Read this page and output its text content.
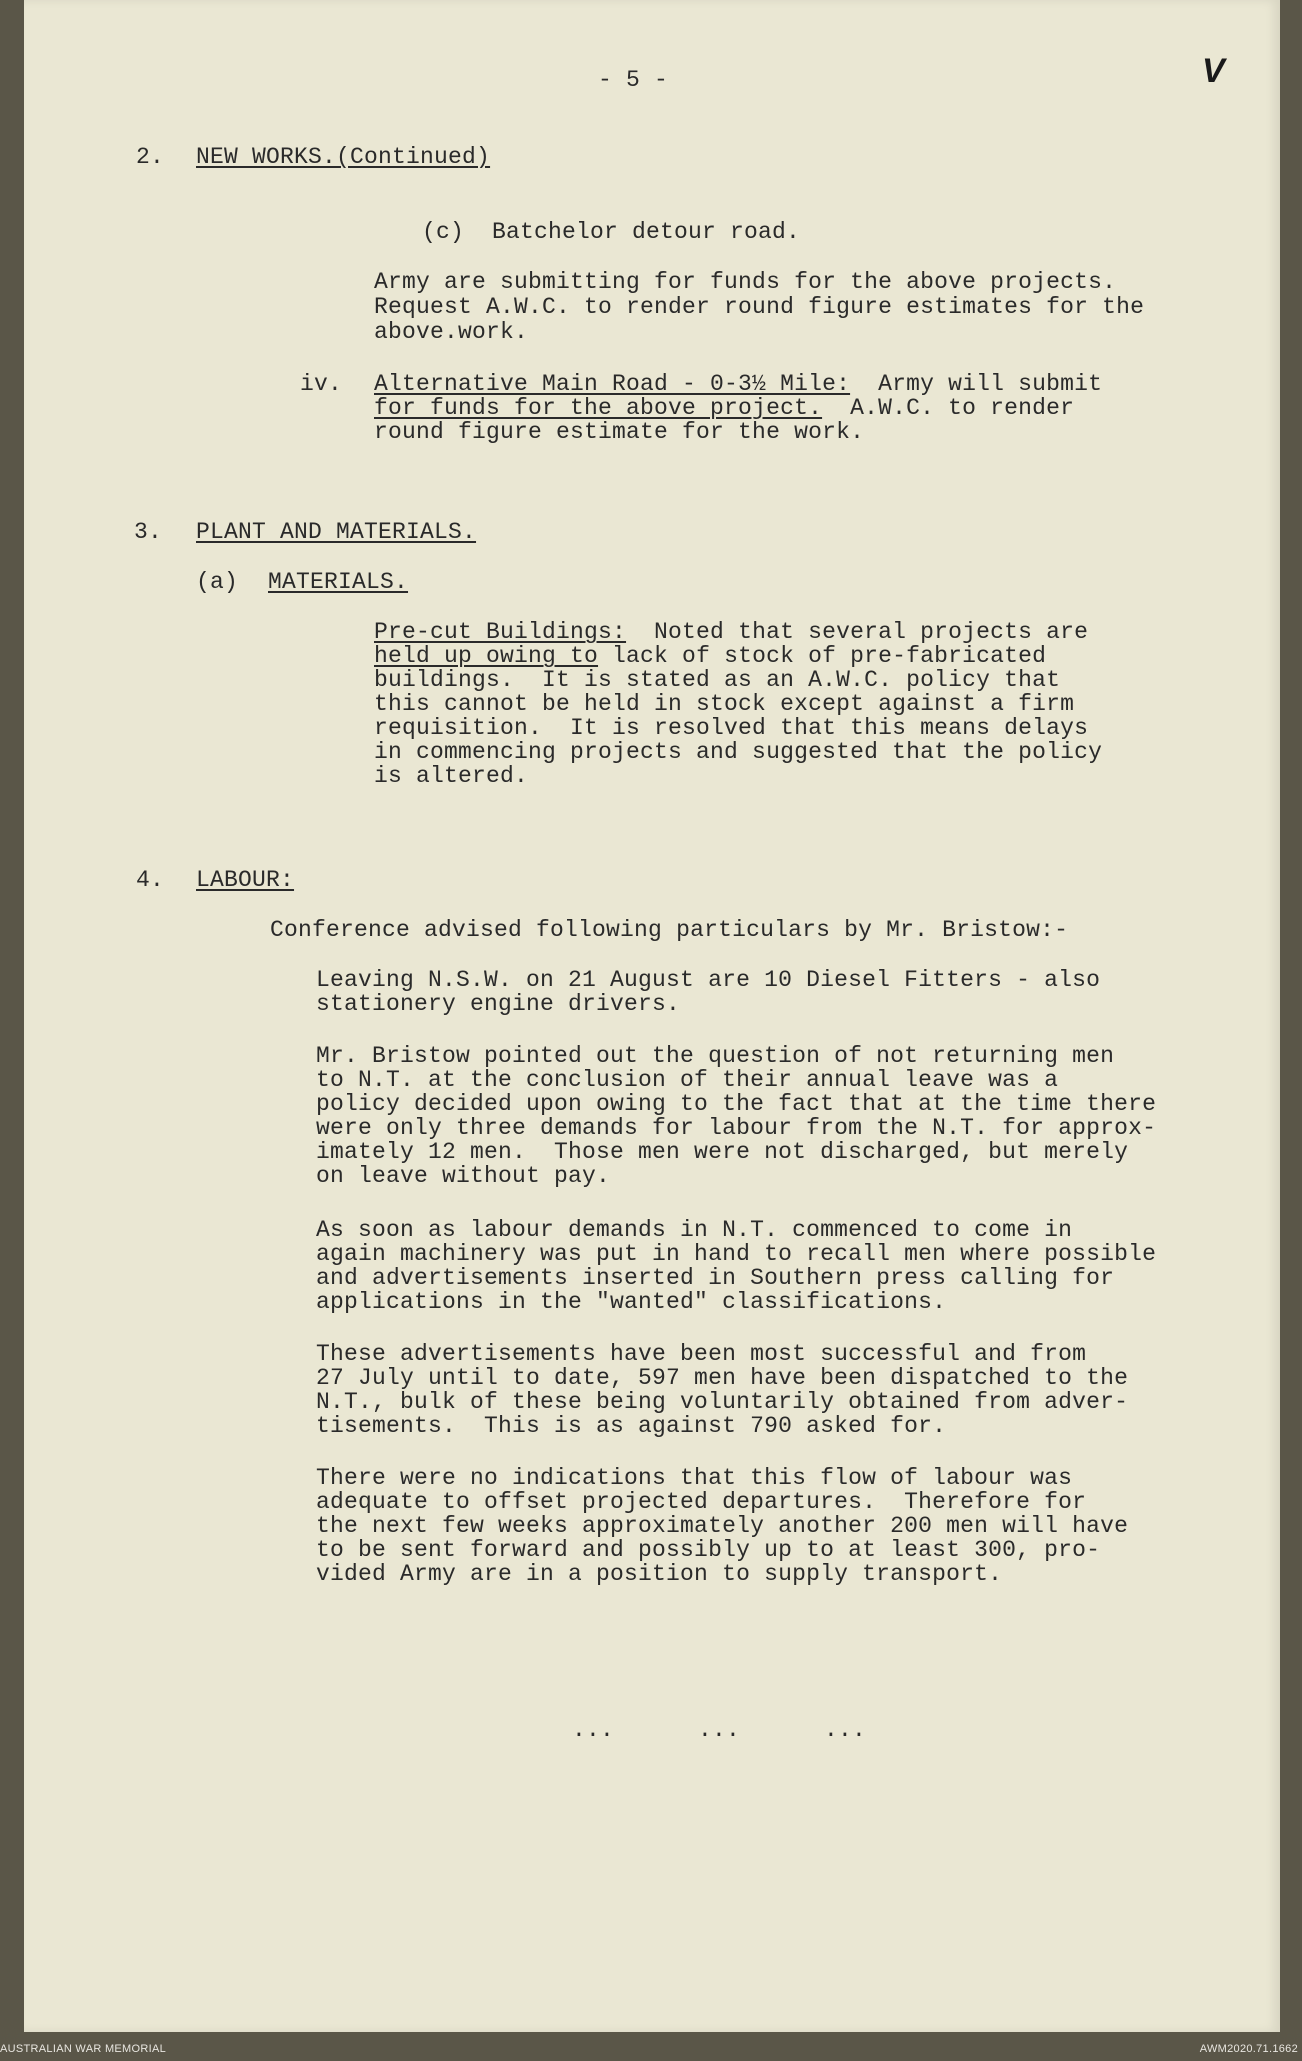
- 5 -	V
2. NEW WORKS.(Continued)
(c)  Batchelor detour road.
Army are submitting for funds for the above projects.
Request A.W.C. to render round figure estimates for the
above.work.
iv. Alternative Main Road - 0-3½ Mile:  Army will submit
for funds for the above project.  A.W.C. to render
round figure estimate for the work.
3. PLANT AND MATERIALS.
(a) MATERIALS.
Pre-cut Buildings:  Noted that several projects are
held up owing to lack of stock of pre-fabricated
buildings.  It is stated as an A.W.C. policy that
this cannot be held in stock except against a firm
requisition.  It is resolved that this means delays
in commencing projects and suggested that the policy
is altered.
4. LABOUR:
Conference advised following particulars by Mr. Bristow:-
Leaving N.S.W. on 21 August are 10 Diesel Fitters - also
stationery engine drivers.
Mr. Bristow pointed out the question of not returning men
to N.T. at the conclusion of their annual leave was a
policy decided upon owing to the fact that at the time there
were only three demands for labour from the N.T. for approx-
imately 12 men.  Those men were not discharged, but merely
on leave without pay.
As soon as labour demands in N.T. commenced to come in
again machinery was put in hand to recall men where possible
and advertisements inserted in Southern press calling for
applications in the "wanted" classifications.
These advertisements have been most successful and from
27 July until to date, 597 men have been dispatched to the
N.T., bulk of these being voluntarily obtained from adver-
tisements.  This is as against 790 asked for.
There were no indications that this flow of labour was
adequate to offset projected departures.  Therefore for
the next few weeks approximately another 200 men will have
to be sent forward and possibly up to at least 300, pro-
vided Army are in a position to supply transport.
...      ...      ...
AUSTRALIAN WAR MEMORIAL	AWM2020.71.1662
